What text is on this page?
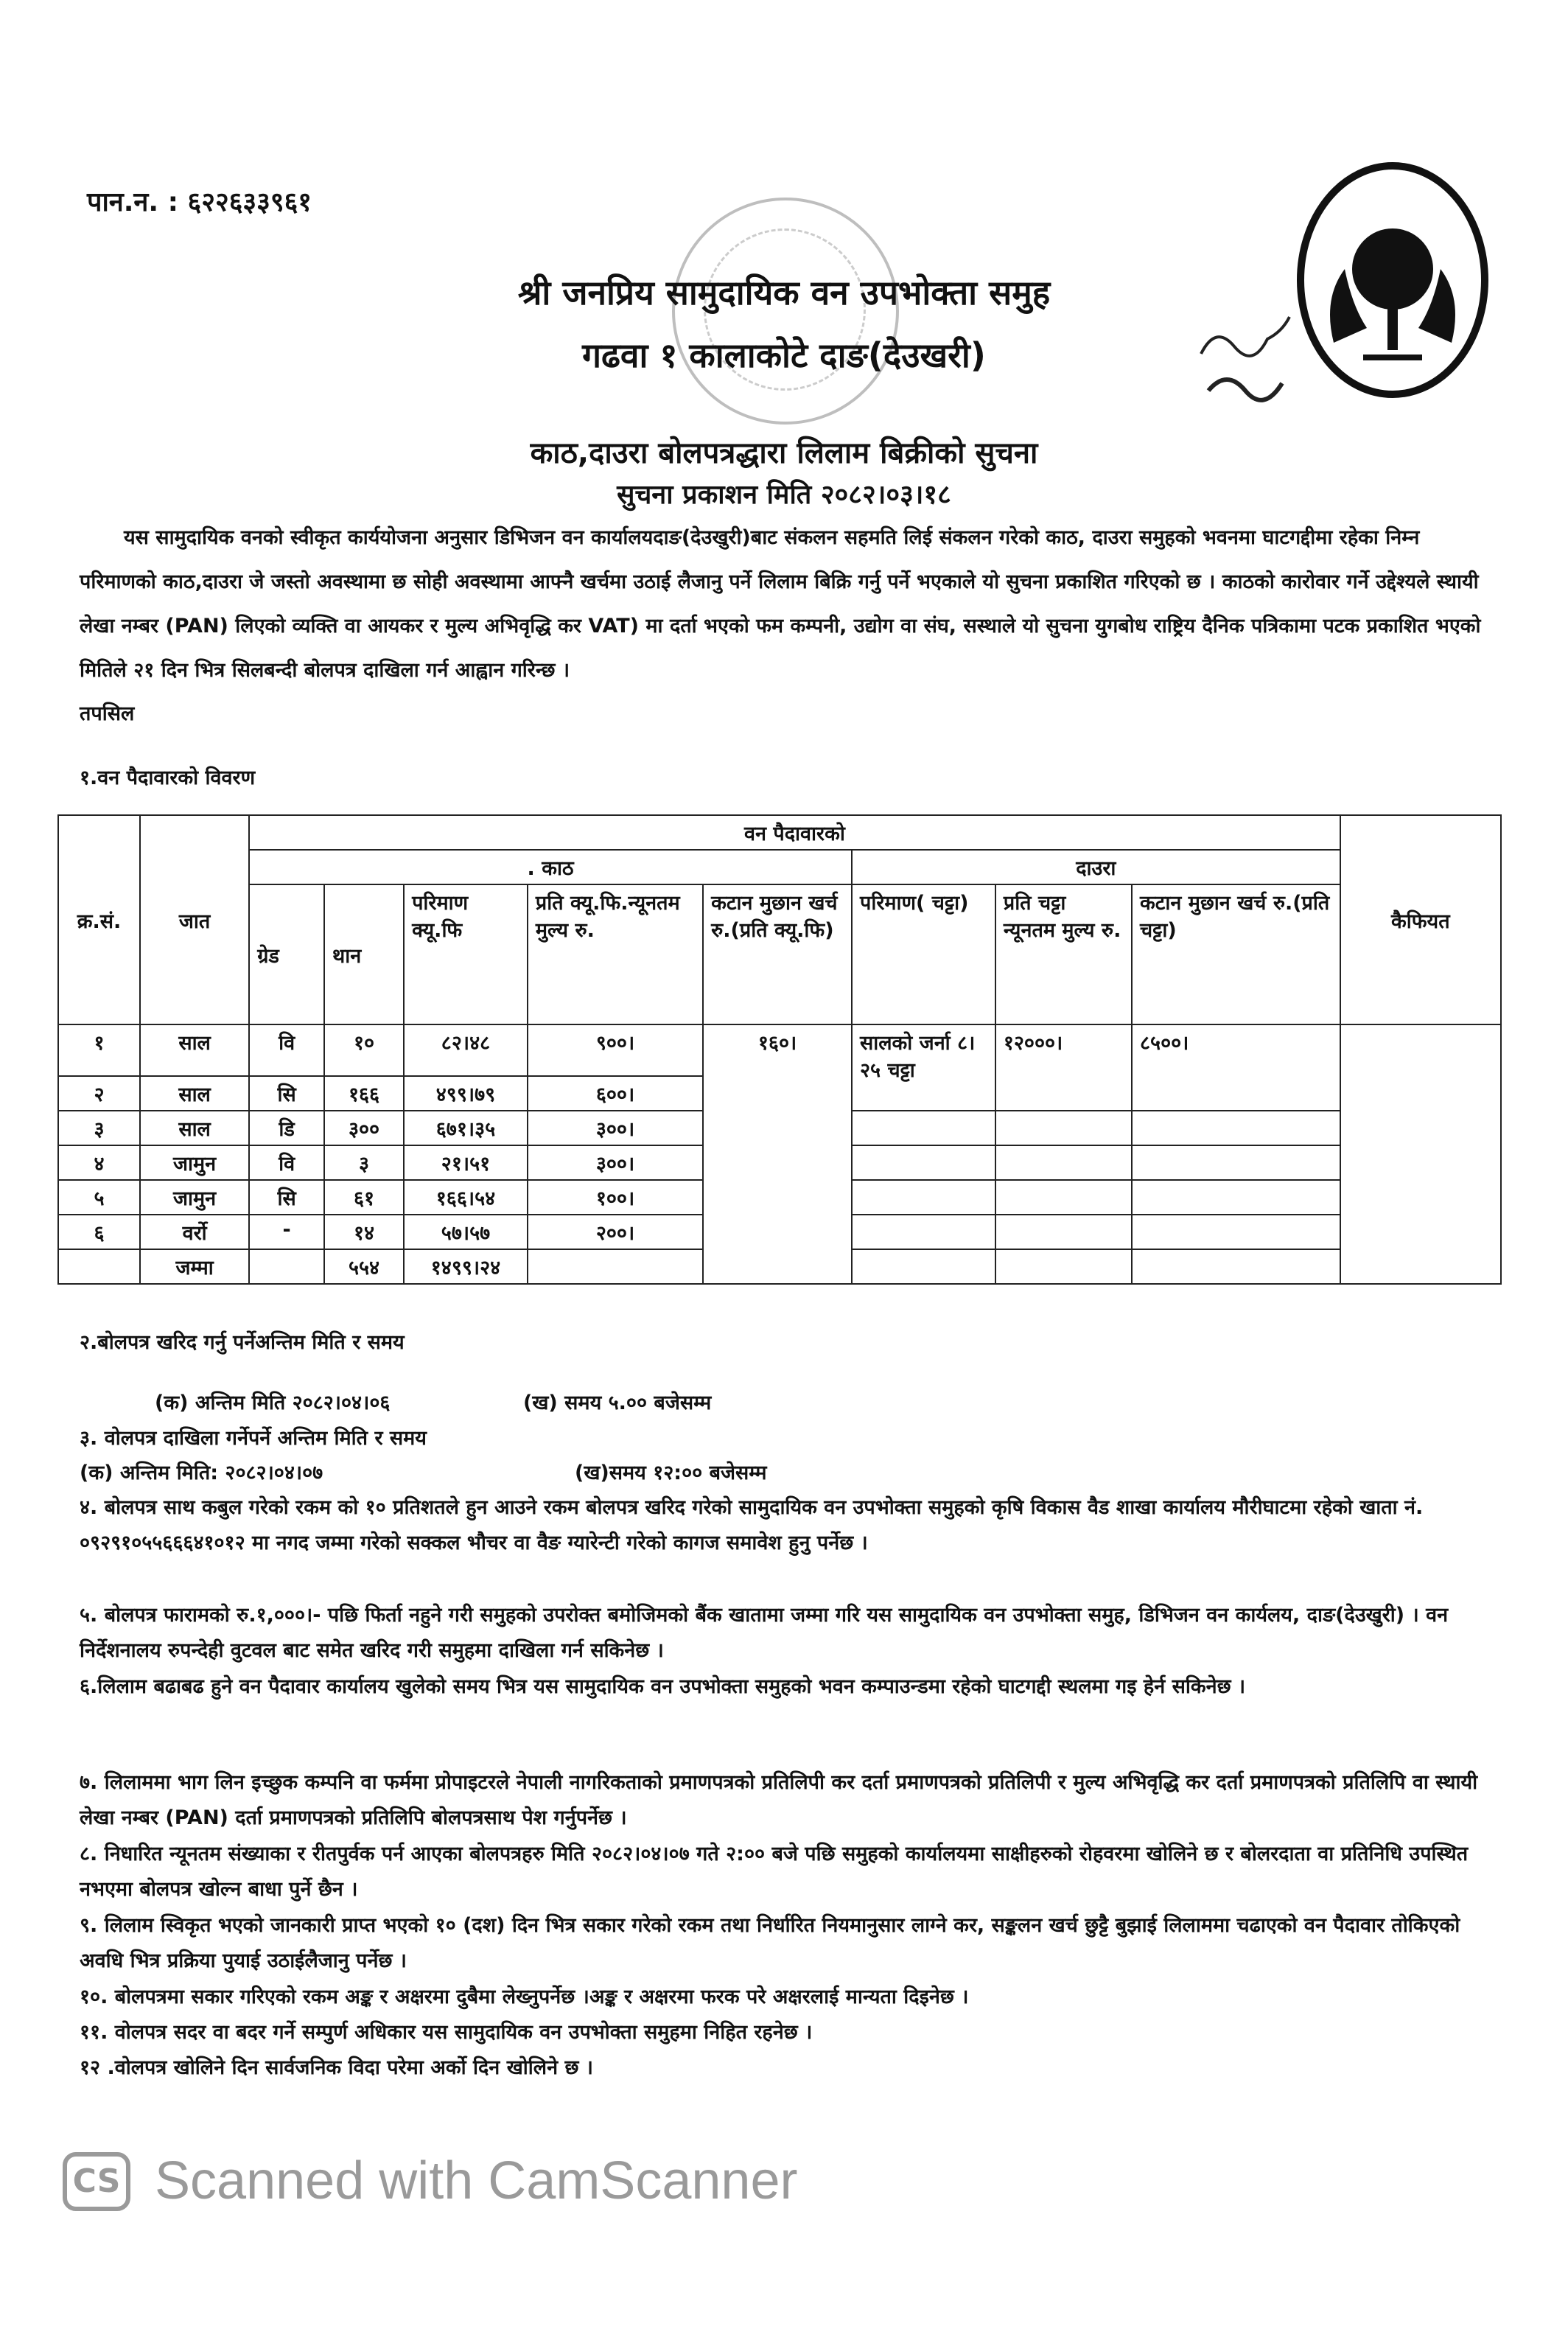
पान.न. : ६२२६३३९६१
श्री जनप्रिय सामुदायिक वन उपभोक्ता समुह
गढवा १ कालाकोटे दाङ(देउखरी)
काठ,दाउरा बोलपत्रद्धारा लिलाम बिक्रीको सुचना
सुचना प्रकाशन मिति २०८२।०३।१८
यस सामुदायिक वनको स्वीकृत कार्ययोजना अनुसार डिभिजन वन कार्यालयदाङ(देउखुरी)बाट संकलन सहमति लिई संकलन गरेको काठ, दाउरा समुहको भवनमा घाटगद्दीमा रहेका निम्न परिमाणको काठ,दाउरा जे जस्तो अवस्थामा छ सोही अवस्थामा आफ्नै खर्चमा उठाई लैजानु पर्ने लिलाम बिक्रि गर्नु पर्ने भएकाले यो सुचना प्रकाशित गरिएको छ । काठको कारोवार गर्ने उद्देश्यले स्थायी लेखा नम्बर (PAN) लिएको व्यक्ति वा आयकर र मुल्य अभिवृद्धि कर VAT) मा दर्ता भएको फम कम्पनी, उद्योग वा संघ, सस्थाले यो सुचना युगबोध राष्ट्रिय दैनिक पत्रिकामा पटक प्रकाशित भएको मितिले २१ दिन भित्र सिलबन्दी बोलपत्र दाखिला गर्न आह्वान गरिन्छ ।
तपसिल
१.वन पैदावारको विवरण
क्र.सं.	जात	वन पैदावारको								कैफियत
		. काठ					दाउरा			
		ग्रेड	थान	परिमाण क्यू.फि	प्रति क्यू.फि.न्यूनतम मुल्य रु.	कटान मुछान खर्च रु.(प्रति क्यू.फि)	परिमाण( चट्टा)	प्रति चट्टा न्यूनतम मुल्य रु.	कटान मुछान खर्च रु.(प्रति चट्टा)	
१	साल	वि	१०	८२।४८	९००।	१६०।	सालको जर्ना ८।२५ चट्टा	१२०००।	८५००।	
२	साल	सि	१६६	४९९।७९	६००।					
३	साल	डि	३००	६७१।३५	३००।					
४	जामुन	वि	३	२१।५१	३००।					
५	जामुन	सि	६१	१६६।५४	१००।					
६	वर्रो	-	१४	५७।५७	२००।					
	जम्मा		५५४	१४९९।२४						
२.बोलपत्र खरिद गर्नु पर्नेअन्तिम मिति र समय
(क) अन्तिम मिति २०८२।०४।०६	(ख) समय ५.०० बजेसम्म
३. वोलपत्र दाखिला गर्नेपर्ने अन्तिम मिति र समय
(क) अन्तिम मिति: २०८२।०४।०७	(ख)समय १२:०० बजेसम्म
४. बोलपत्र साथ कबुल गरेको रकम को १० प्रतिशतले हुन आउने रकम बोलपत्र खरिद गरेको सामुदायिक वन उपभोक्ता समुहको कृषि विकास वैड शाखा कार्यालय मौरीघाटमा रहेको खाता नं. ०९२९१०५५६६६४१०१२ मा नगद जम्मा गरेको सक्कल भौचर वा वैङ ग्यारेन्टी गरेकाे कागज समावेश हुनु पर्नेछ ।
५. बोलपत्र फारामको रु.१,०००।- पछि फिर्ता नहुने गरी समुहको उपरोक्त बमोजिमको बैंक खातामा जम्मा गरि यस सामुदायिक वन उपभोक्ता समुह, डिभिजन वन कार्यलय, दाङ(देउखुरी) । वन निर्देशनालय रुपन्देही वुटवल बाट समेत खरिद गरी समुहमा दाखिला गर्न सकिनेछ ।
६.लिलाम बढाबढ हुने वन पैदावार कार्यालय खुलेको समय भित्र यस सामुदायिक वन उपभोक्ता समुहको भवन कम्पाउन्डमा रहेको घाटगद्दी स्थलमा गइ हेर्न सकिनेछ ।
७. लिलाममा भाग लिन इच्छुक कम्पनि वा फर्ममा प्रोपाइटरले नेपाली नागरिकताको प्रमाणपत्रको प्रतिलिपी कर दर्ता प्रमाणपत्रको प्रतिलिपी र मुल्य अभिवृद्धि कर दर्ता प्रमाणपत्रको प्रतिलिपि वा स्थायी लेखा नम्बर (PAN) दर्ता प्रमाणपत्रको प्रतिलिपि बोलपत्रसाथ पेश गर्नुपर्नेछ ।
८. निधारित न्यूनतम संख्याका र रीतपुर्वक पर्न आएका बोलपत्रहरु मिति २०८२।०४।०७ गते २:०० बजे पछि समुहको कार्यालयमा साक्षीहरुको रोहवरमा खोलिने छ र बोलरदाता वा प्रतिनिधि उपस्थित नभएमा बोलपत्र खोल्न बाधा पुर्ने छैन ।
९. लिलाम स्विकृत भएको जानकारी प्राप्त भएको १० (दश) दिन भित्र सकार गरेको रकम तथा निर्धारित नियमानुसार लाग्ने कर, सङ्कलन खर्च छुट्टै बुझाई लिलाममा चढाएको वन पैदावार तोकिएको अवधि भित्र प्रक्रिया पुयाई उठाईलैजानु पर्नेछ ।
१०. बोलपत्रमा सकार गरिएको रकम अङ्क र अक्षरमा दुबैमा लेख्नुपर्नेछ ।अङ्क र अक्षरमा फरक परे अक्षरलाई मान्यता दिइनेछ ।
११. वोलपत्र सदर वा बदर गर्ने सम्पुर्ण अधिकार यस सामुदायिक वन उपभोक्ता समुहमा निहित रहनेछ ।
१२ .वोलपत्र खोलिने दिन सार्वजनिक विदा परेमा अर्को दिन खोलिने छ ।
CS Scanned with CamScanner
